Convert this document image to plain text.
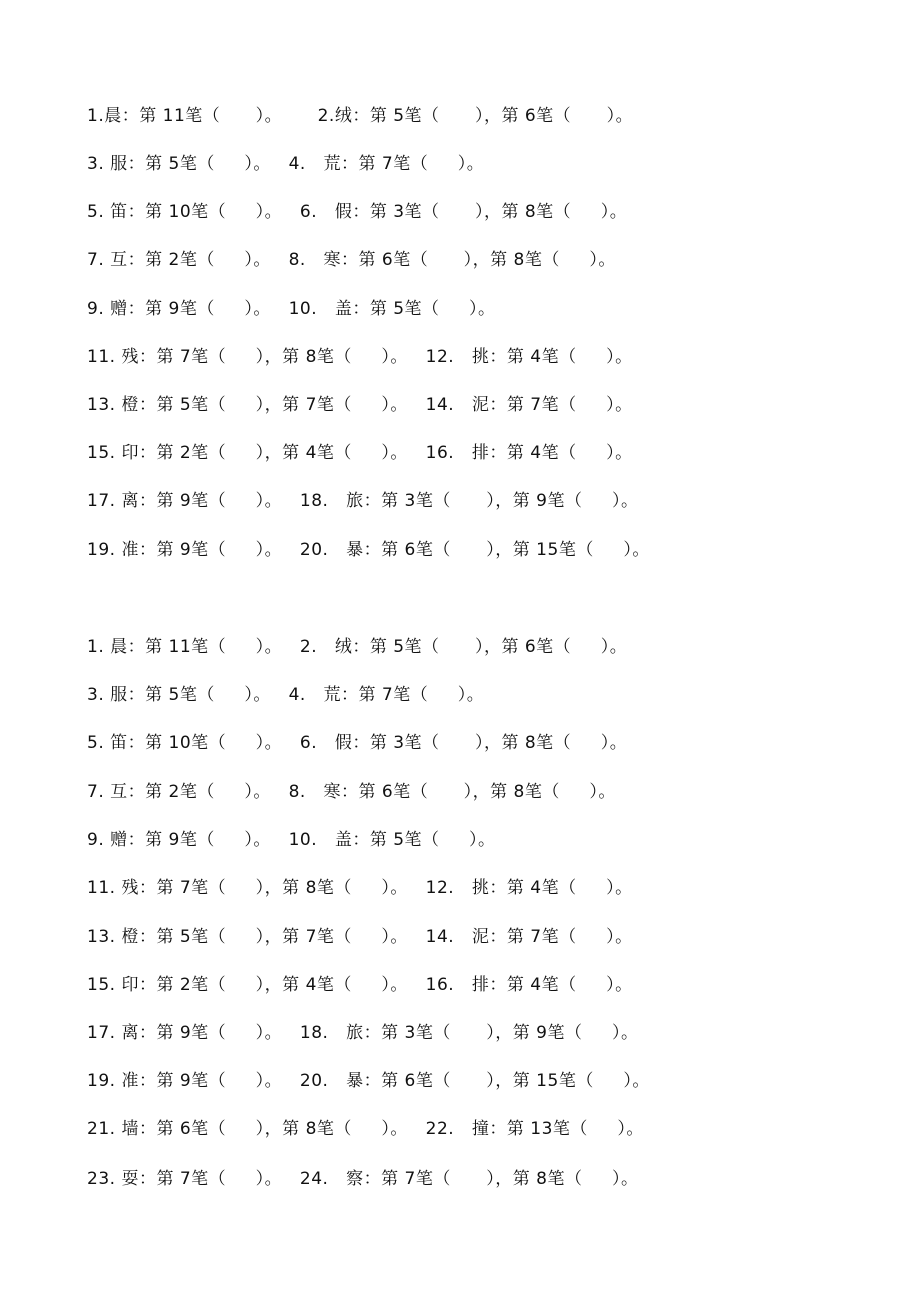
1.晨：第 11笔（      ）。      2.绒：第 5笔（      ），第 6笔（      ）。
3. 服：第 5笔（     ）。   4.   荒：第 7笔（     ）。
5. 笛：第 10笔（     ）。   6.   假：第 3笔（      ），第 8笔（     ）。
7. 互：第 2笔（     ）。   8.   寒：第 6笔（      ），第 8笔（     ）。
9. 赠：第 9笔（     ）。   10.   盖：第 5笔（     ）。
11. 残：第 7笔（     ），第 8笔（     ）。   12.   挑：第 4笔（     ）。
13. 橙：第 5笔（     ），第 7笔（     ）。   14.   泥：第 7笔（     ）。
15. 印：第 2笔（     ），第 4笔（     ）。   16.   排：第 4笔（     ）。
17. 离：第 9笔（     ）。   18.   旅：第 3笔（      ），第 9笔（     ）。
19. 准：第 9笔（     ）。   20.   暴：第 6笔（      ），第 15笔（     ）。
1. 晨：第 11笔（     ）。   2.   绒：第 5笔（      ），第 6笔（     ）。
3. 服：第 5笔（     ）。   4.   荒：第 7笔（     ）。
5. 笛：第 10笔（     ）。   6.   假：第 3笔（      ），第 8笔（     ）。
7. 互：第 2笔（     ）。   8.   寒：第 6笔（      ），第 8笔（     ）。
9. 赠：第 9笔（     ）。   10.   盖：第 5笔（     ）。
11. 残：第 7笔（     ），第 8笔（     ）。   12.   挑：第 4笔（     ）。
13. 橙：第 5笔（     ），第 7笔（     ）。   14.   泥：第 7笔（     ）。
15. 印：第 2笔（     ），第 4笔（     ）。   16.   排：第 4笔（     ）。
17. 离：第 9笔（     ）。   18.   旅：第 3笔（      ），第 9笔（     ）。
19. 准：第 9笔（     ）。   20.   暴：第 6笔（      ），第 15笔（     ）。
21. 墙：第 6笔（     ），第 8笔（     ）。   22.   撞：第 13笔（     ）。
23. 耍：第 7笔（     ）。   24.   察：第 7笔（      ），第 8笔（     ）。
